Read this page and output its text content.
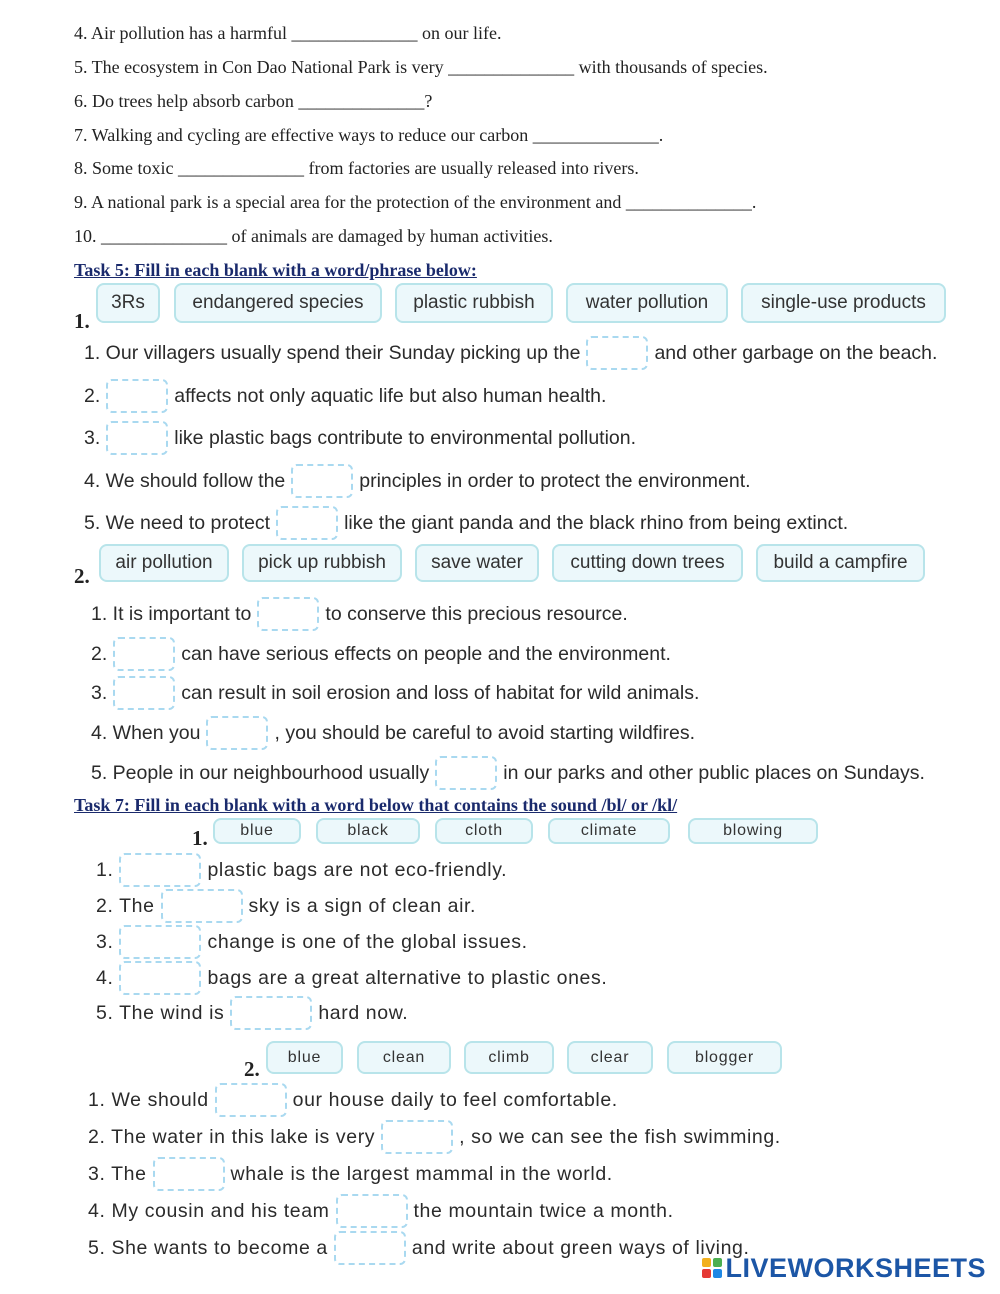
4. Air pollution has a harmful ______________ on our life.
5. The ecosystem in Con Dao National Park is very ______________ with thousands of species.
6. Do trees help absorb carbon ______________?
7. Walking and cycling are effective ways to reduce our carbon ______________.
8. Some toxic ______________ from factories are usually released into rivers.
9. A national park is a special area for the protection of the environment and ______________.
10. ______________ of animals are damaged by human activities.
Task 5: Fill in each blank with a word/phrase below:
1.
3Rs	endangered species	plastic rubbish	water pollution	single-use products
1. Our villagers usually spend their Sunday picking up the	and other garbage on the beach.
2.	affects not only aquatic life but also human health.
3.	like plastic bags contribute to environmental pollution.
4. We should follow the	principles in order to protect the environment.
5. We need to protect	like the giant panda and the black rhino from being extinct.
2.
air pollution	pick up rubbish	save water	cutting down trees	build a campfire
1. It is important to	to conserve this precious resource.
2.	can have serious effects on people and the environment.
3.	can result in soil erosion and loss of habitat for wild animals.
4. When you	, you should be careful to avoid starting wildfires.
5. People in our neighbourhood usually	in our parks and other public places on Sundays.
Task 7: Fill in each blank with a word below that contains the sound /bl/ or /kl/
1.	blue	black	cloth	climate	blowing
1.	plastic bags are not eco-friendly.
2. The	sky is a sign of clean air.
3.	change is one of the global issues.
4.	bags are a great alternative to plastic ones.
5. The wind is	hard now.
2.	blue	clean	climb	clear	blogger
1. We should	our house daily to feel comfortable.
2. The water in this lake is very	, so we can see the fish swimming.
3. The	whale is the largest mammal in the world.
4. My cousin and his team	the mountain twice a month.
5. She wants to become a	and write about green ways of living.
LIVEWORKSHEETS
